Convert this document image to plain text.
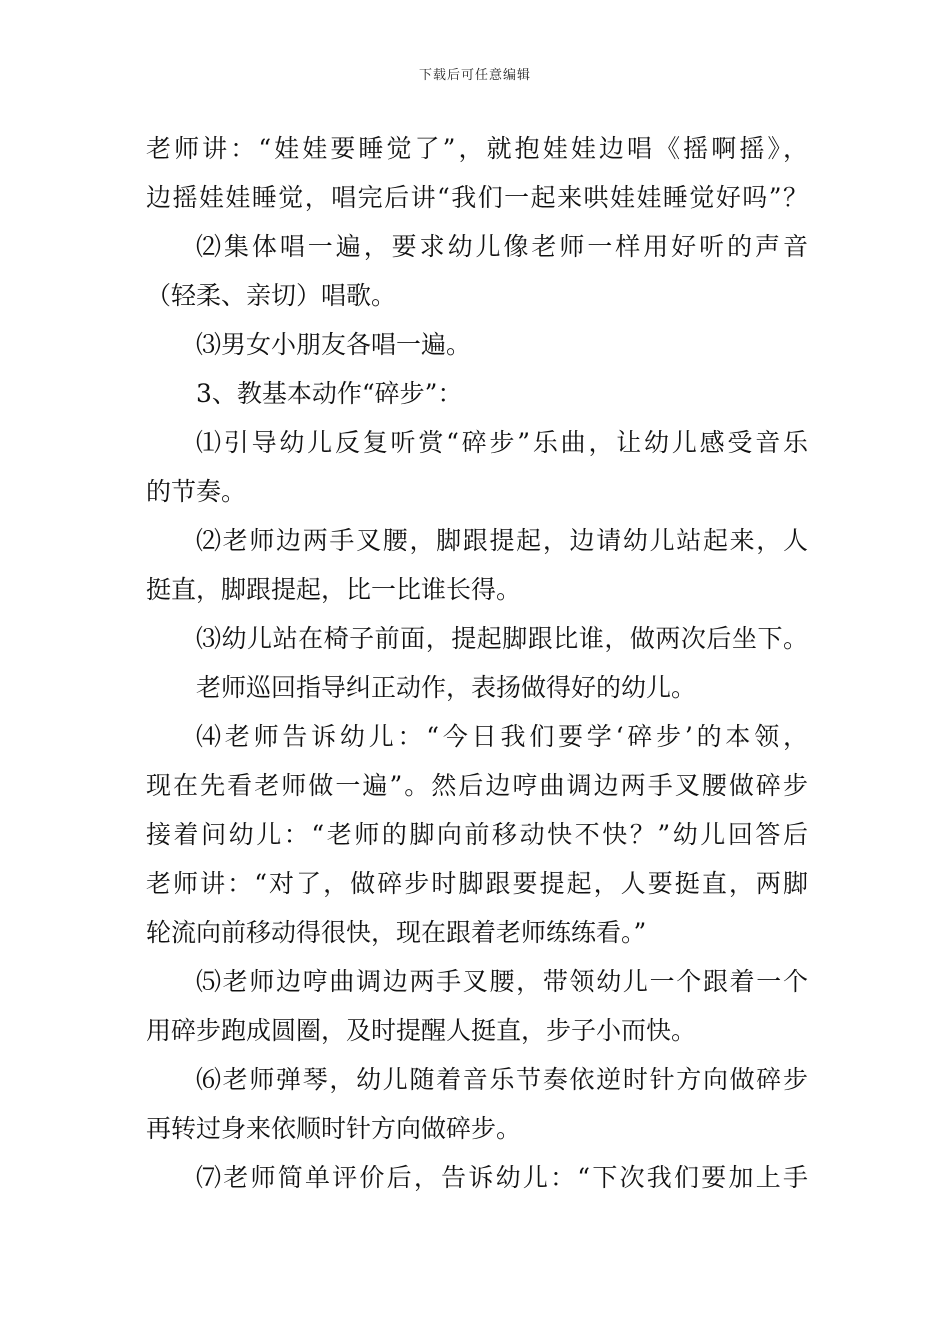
下载后可任意编辑
老师讲：“娃娃要睡觉了”，就抱娃娃边唱《摇啊摇》，
边摇娃娃睡觉，唱完后讲“我们一起来哄娃娃睡觉好吗”？
⑵集体唱一遍，要求幼儿像老师一样用好听的声音
（轻柔、亲切）唱歌。
⑶男女小朋友各唱一遍。
3、教基本动作“碎步”：
⑴引导幼儿反复听赏“碎步”乐曲，让幼儿感受音乐
的节奏。
⑵老师边两手叉腰，脚跟提起，边请幼儿站起来，人
挺直，脚跟提起，比一比谁长得。
⑶幼儿站在椅子前面，提起脚跟比谁，做两次后坐下。
老师巡回指导纠正动作，表扬做得好的幼儿。
⑷老师告诉幼儿：“今日我们要学‘碎步’的本领，
现在先看老师做一遍”。然后边哼曲调边两手叉腰做碎步
接着问幼儿：“老师的脚向前移动快不快？”幼儿回答后
老师讲：“对了，做碎步时脚跟要提起，人要挺直，两脚
轮流向前移动得很快，现在跟着老师练练看。”
⑸老师边哼曲调边两手叉腰，带领幼儿一个跟着一个
用碎步跑成圆圈，及时提醒人挺直，步子小而快。
⑹老师弹琴，幼儿随着音乐节奏依逆时针方向做碎步
再转过身来依顺时针方向做碎步。
⑺老师简单评价后，告诉幼儿：“下次我们要加上手
